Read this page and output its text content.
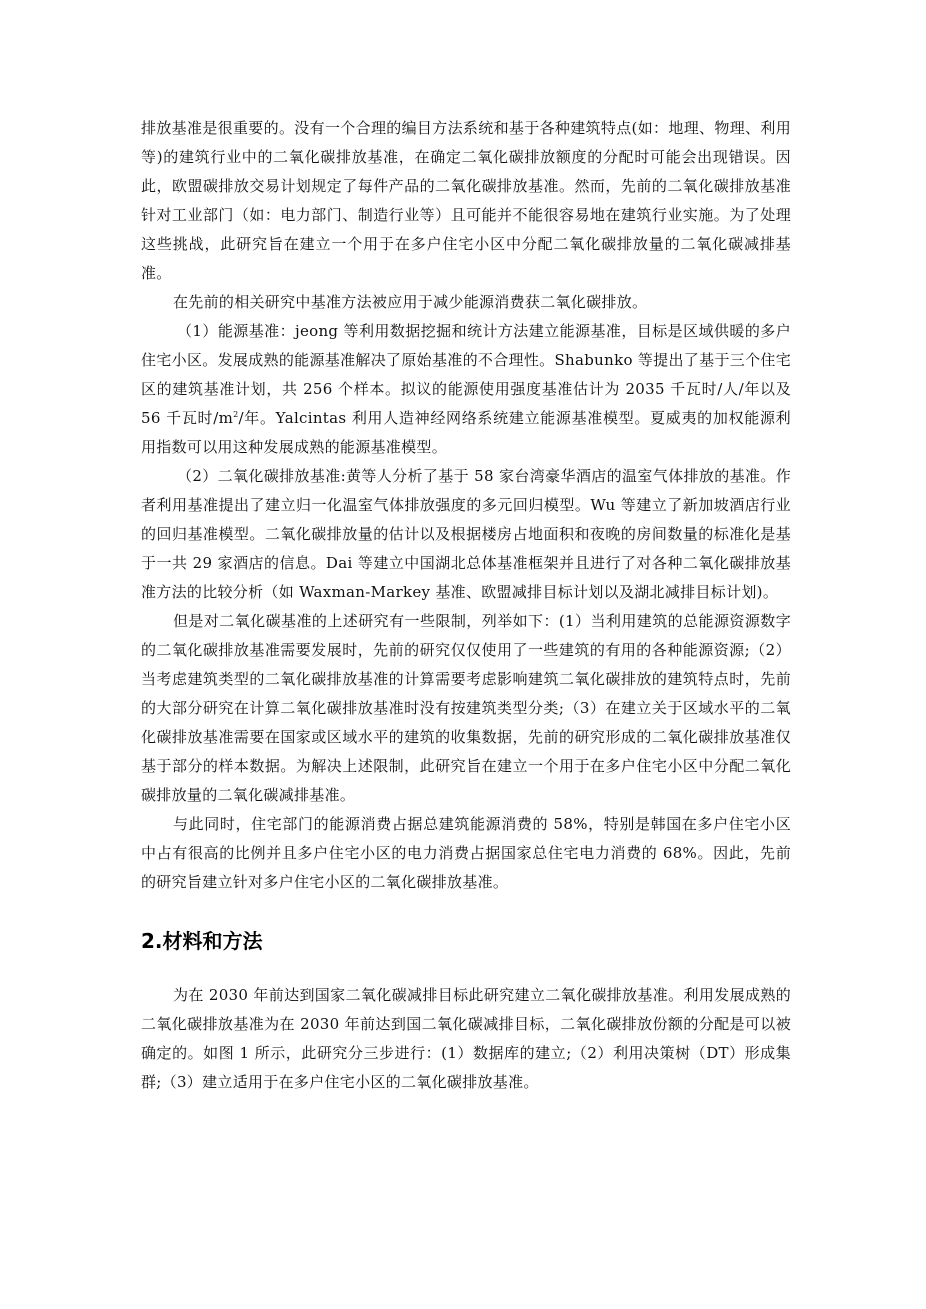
排放基准是很重要的。没有一个合理的编目方法系统和基于各种建筑特点(如：地理、物理、利用等)的建筑行业中的二氧化碳排放基准，在确定二氧化碳排放额度的分配时可能会出现错误。因此，欧盟碳排放交易计划规定了每件产品的二氧化碳排放基准。然而，先前的二氧化碳排放基准针对工业部门（如：电力部门、制造行业等）且可能并不能很容易地在建筑行业实施。为了处理这些挑战，此研究旨在建立一个用于在多户住宅小区中分配二氧化碳排放量的二氧化碳减排基准。

在先前的相关研究中基准方法被应用于减少能源消费获二氧化碳排放。

（1）能源基准：jeong 等利用数据挖掘和统计方法建立能源基准，目标是区域供暖的多户住宅小区。发展成熟的能源基准解决了原始基准的不合理性。Shabunko 等提出了基于三个住宅区的建筑基准计划，共 256 个样本。拟议的能源使用强度基准估计为 2035 千瓦时/人/年以及 56 千瓦时$/m^2/$年。Yalcintas 利用人造神经网络系统建立能源基准模型。夏威夷的加权能源利用指数可以用这种发展成熟的能源基准模型。

（2）二氧化碳排放基准:黄等人分析了基于 58 家台湾豪华酒店的温室气体排放的基准。作者利用基准提出了建立归一化温室气体排放强度的多元回归模型。Wu 等建立了新加坡酒店行业的回归基准模型。二氧化碳排放量的估计以及根据楼房占地面积和夜晚的房间数量的标准化是基于一共 29 家酒店的信息。Dai 等建立中国湖北总体基准框架并且进行了对各种二氧化碳排放基准方法的比较分析（如 Waxman-Markey 基准、欧盟减排目标计划以及湖北减排目标计划)。

但是对二氧化碳基准的上述研究有一些限制，列举如下：(1）当利用建筑的总能源资源数字的二氧化碳排放基准需要发展时，先前的研究仅仅使用了一些建筑的有用的各种能源资源;（2）当考虑建筑类型的二氧化碳排放基准的计算需要考虑影响建筑二氧化碳排放的建筑特点时，先前的大部分研究在计算二氧化碳排放基准时没有按建筑类型分类;（3）在建立关于区域水平的二氧化碳排放基准需要在国家或区域水平的建筑的收集数据，先前的研究形成的二氧化碳排放基准仅基于部分的样本数据。为解决上述限制，此研究旨在建立一个用于在多户住宅小区中分配二氧化碳排放量的二氧化碳减排基准。

与此同时，住宅部门的能源消费占据总建筑能源消费的 58%，特别是韩国在多户住宅小区中占有很高的比例并且多户住宅小区的电力消费占据国家总住宅电力消费的 68%。因此，先前的研究旨建立针对多户住宅小区的二氧化碳排放基准。

2.材料和方法

为在 2030 年前达到国家二氧化碳减排目标此研究建立二氧化碳排放基准。利用发展成熟的二氧化碳排放基准为在 2030 年前达到国二氧化碳减排目标，二氧化碳排放份额的分配是可以被确定的。如图 1 所示，此研究分三步进行：(1）数据库的建立;（2）利用决策树（DT）形成集群;（3）建立适用于在多户住宅小区的二氧化碳排放基准。
